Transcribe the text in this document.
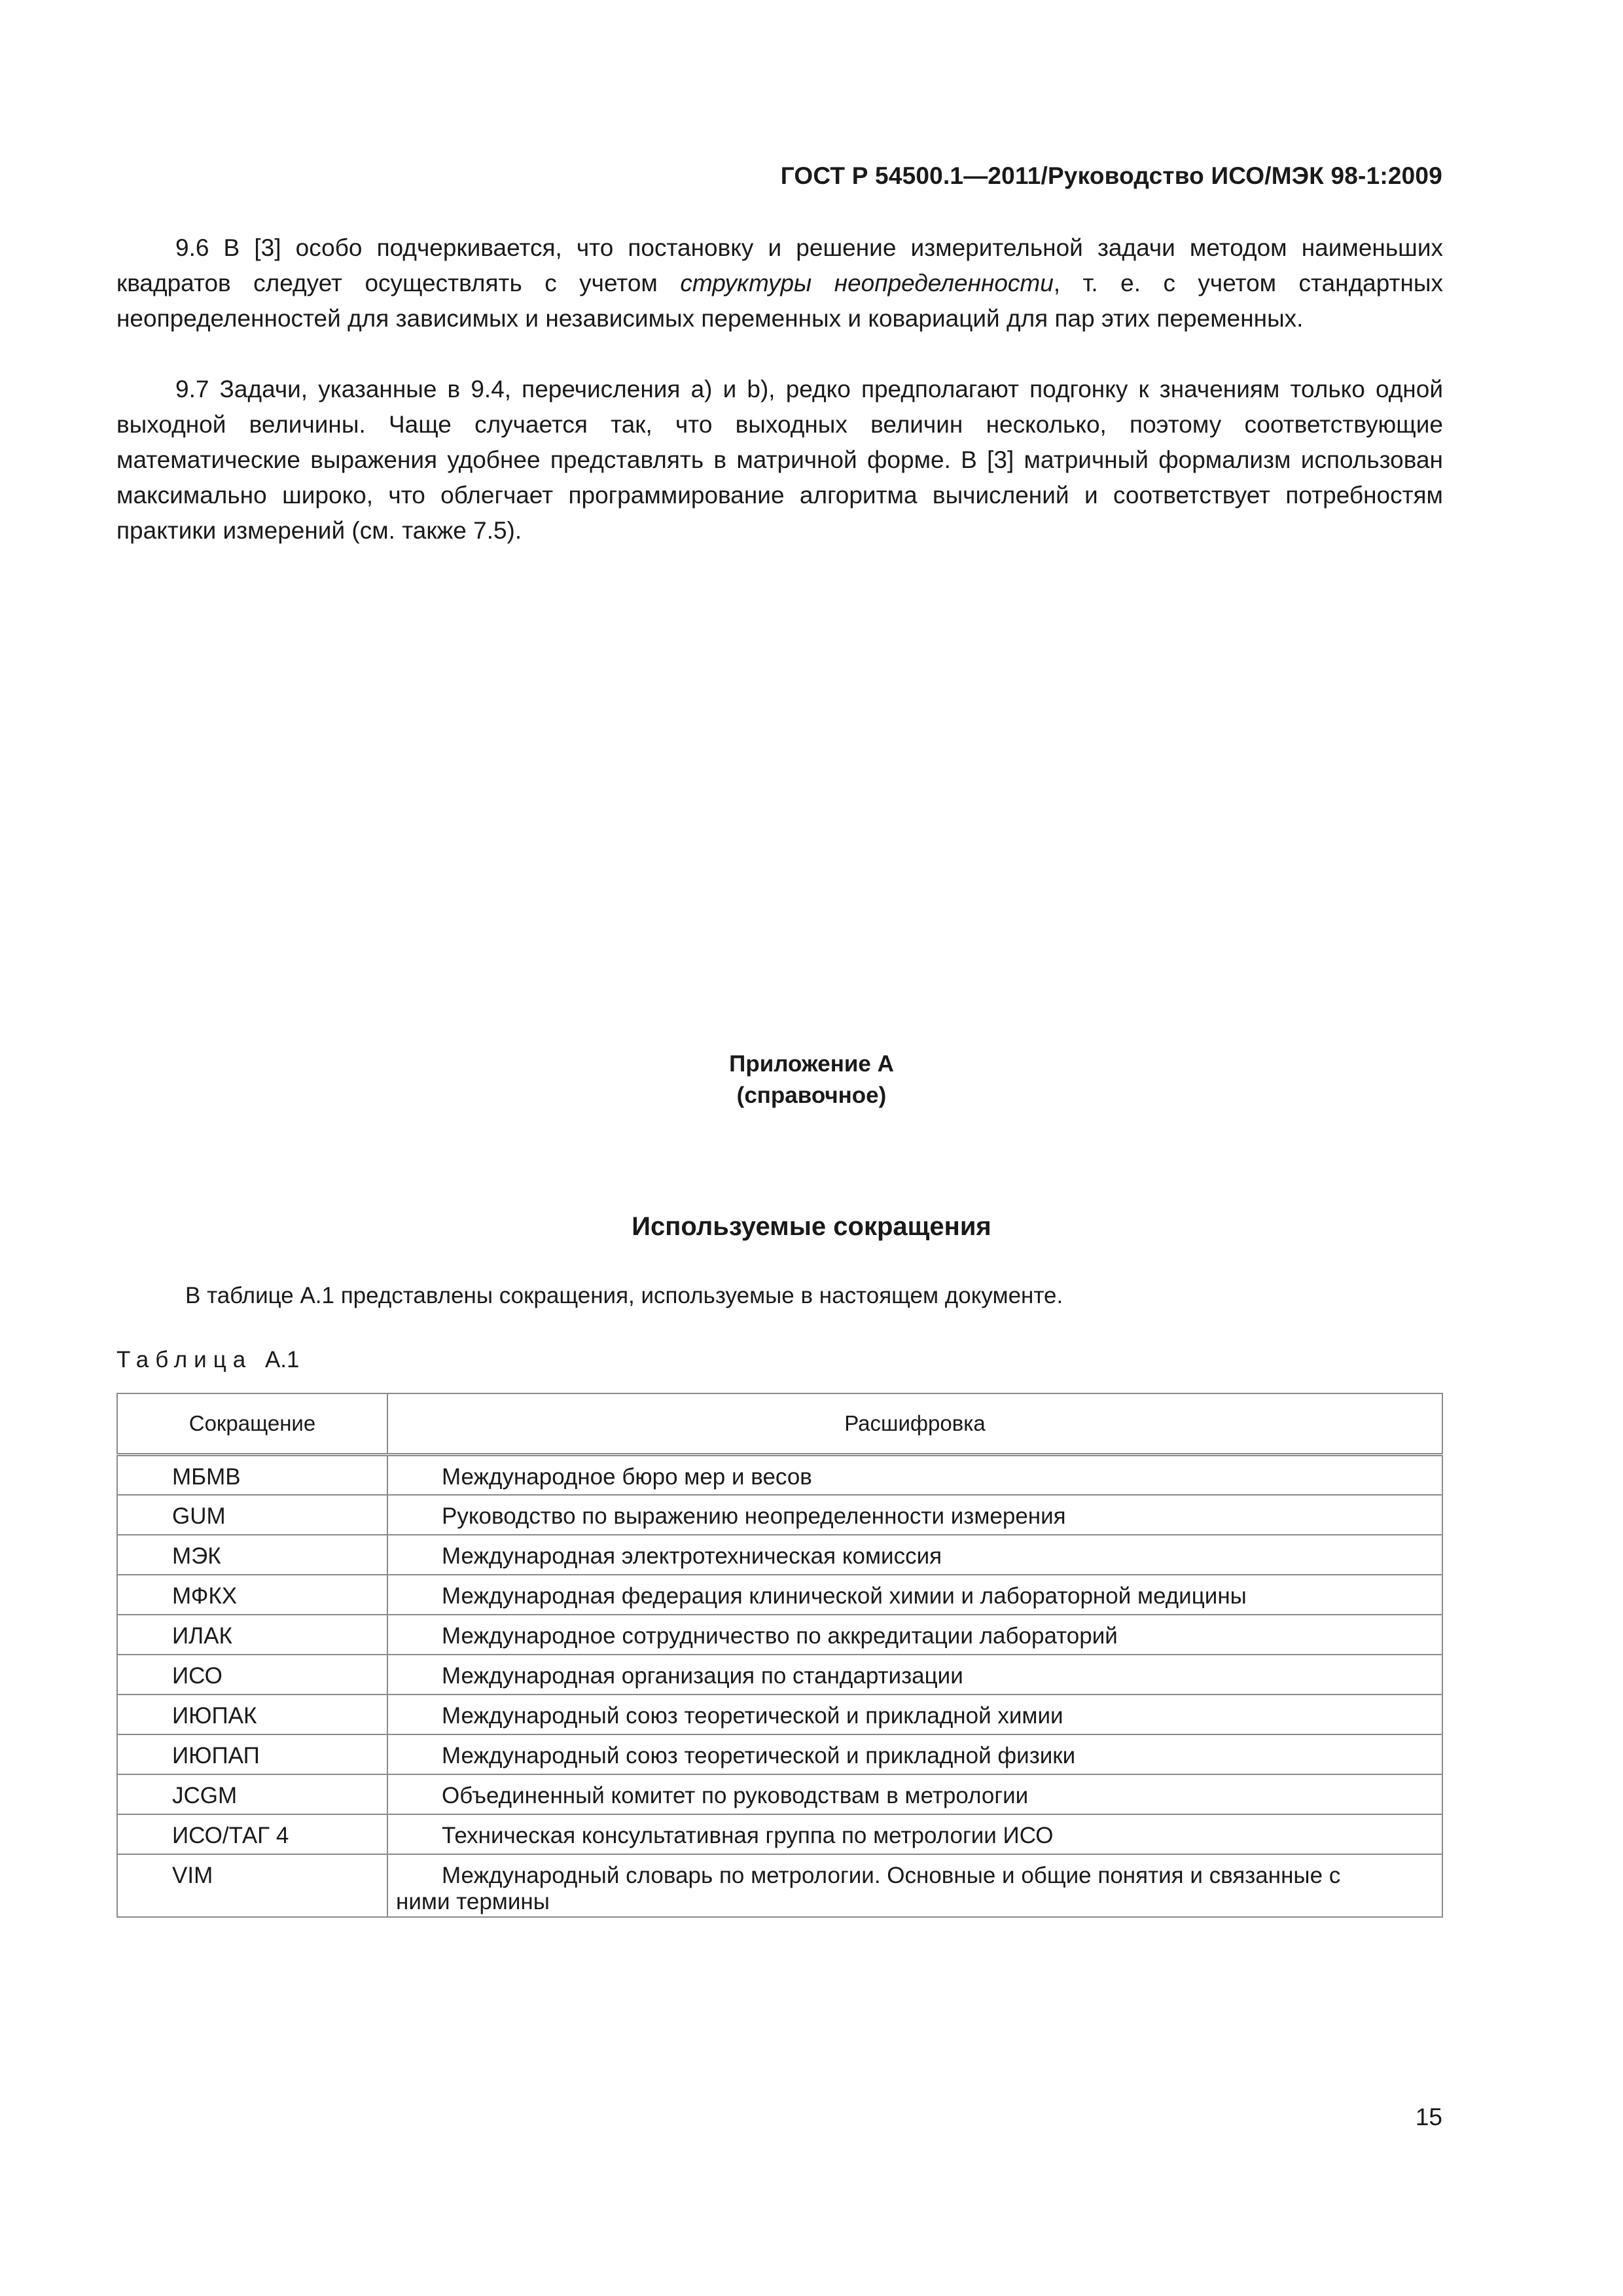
ГОСТ Р 54500.1—2011/Руководство ИСО/МЭК 98-1:2009

9.6 В [3] особо подчеркивается, что постановку и решение измерительной задачи методом наименьших квадратов следует осуществлять с учетом структуры неопределенности, т. е. с учетом стандартных неопределенностей для зависимых и независимых переменных и ковариаций для пар этих переменных.

9.7 Задачи, указанные в 9.4, перечисления a) и b), редко предполагают подгонку к значениям только одной выходной величины. Чаще случается так, что выходных величин несколько, поэтому соответствующие математические выражения удобнее представлять в матричной форме. В [3] матричный формализм использован максимально широко, что облегчает программирование алгоритма вычислений и соответствует потребностям практики измерений (см. также 7.5).

Приложение А
(справочное)
Используемые сокращения
В таблице А.1 представлены сокращения, используемые в настоящем документе.
Таблица А.1
Сокращение	Расшифровка
МБМВ	Международное бюро мер и весов
GUM	Руководство по выражению неопределенности измерения
МЭК	Международная электротехническая комиссия
МФКХ	Международная федерация клинической химии и лабораторной медицины
ИЛАК	Международное сотрудничество по аккредитации лабораторий
ИСО	Международная организация по стандартизации
ИЮПАК	Международный союз теоретической и прикладной химии
ИЮПАП	Международный союз теоретической и прикладной физики
JCGM	Объединенный комитет по руководствам в метрологии
ИСО/ТАГ 4	Техническая консультативная группа по метрологии ИСО
VIM	Международный словарь по метрологии. Основные и общие понятия и связанные с
ними термины
15
